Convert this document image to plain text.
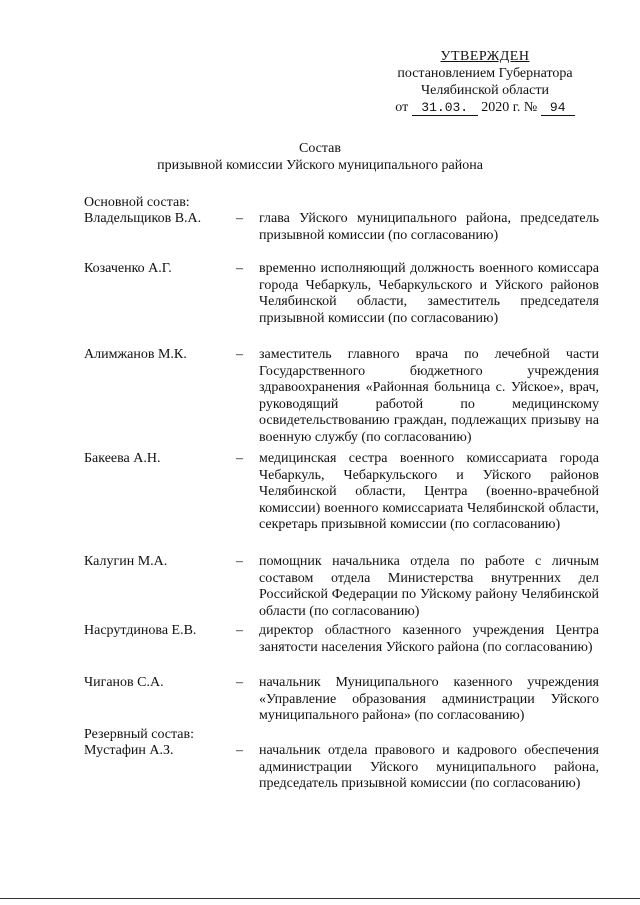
УТВЕРЖДЕН
постановлением Губернатора
Челябинской области
от 31.03. 2020 г. № 94
Состав
призывной комиссии Уйского муниципального района
Основной состав:
Владельщиков В.А.	–	глава Уйского муниципального района, председатель призывной комиссии (по согласованию)
Козаченко А.Г.	–	временно исполняющий должность военного комиссара города Чебаркуль, Чебаркульского и Уйского районов Челябинской области, заместитель председателя призывной комиссии (по согласованию)
Алимжанов М.К.	–	заместитель главного врача по лечебной части Государственного бюджетного учреждения здравоохранения «Районная больница с. Уйское», врач, руководящий работой по медицинскому освидетельствованию граждан, подлежащих призыву на военную службу (по согласованию)
Бакеева А.Н.	–	медицинская сестра военного комиссариата города Чебаркуль, Чебаркульского и Уйского районов Челябинской области, Центра (военно-врачебной комиссии) военного комиссариата Челябинской области, секретарь призывной комиссии (по согласованию)
Калугин М.А.	–	помощник начальника отдела по работе с личным составом отдела Министерства внутренних дел Российской Федерации по Уйскому району Челябинской области (по согласованию)
Насрутдинова Е.В.	–	директор областного казенного учреждения Центра занятости населения Уйского района (по согласованию)
Чиганов С.А.	–	начальник Муниципального казенного учреждения «Управление образования администрации Уйского муниципального района» (по согласованию)
Резервный состав:
Мустафин А.З.	–	начальник отдела правового и кадрового обеспечения администрации Уйского муниципального района, председатель призывной комиссии (по согласованию)
